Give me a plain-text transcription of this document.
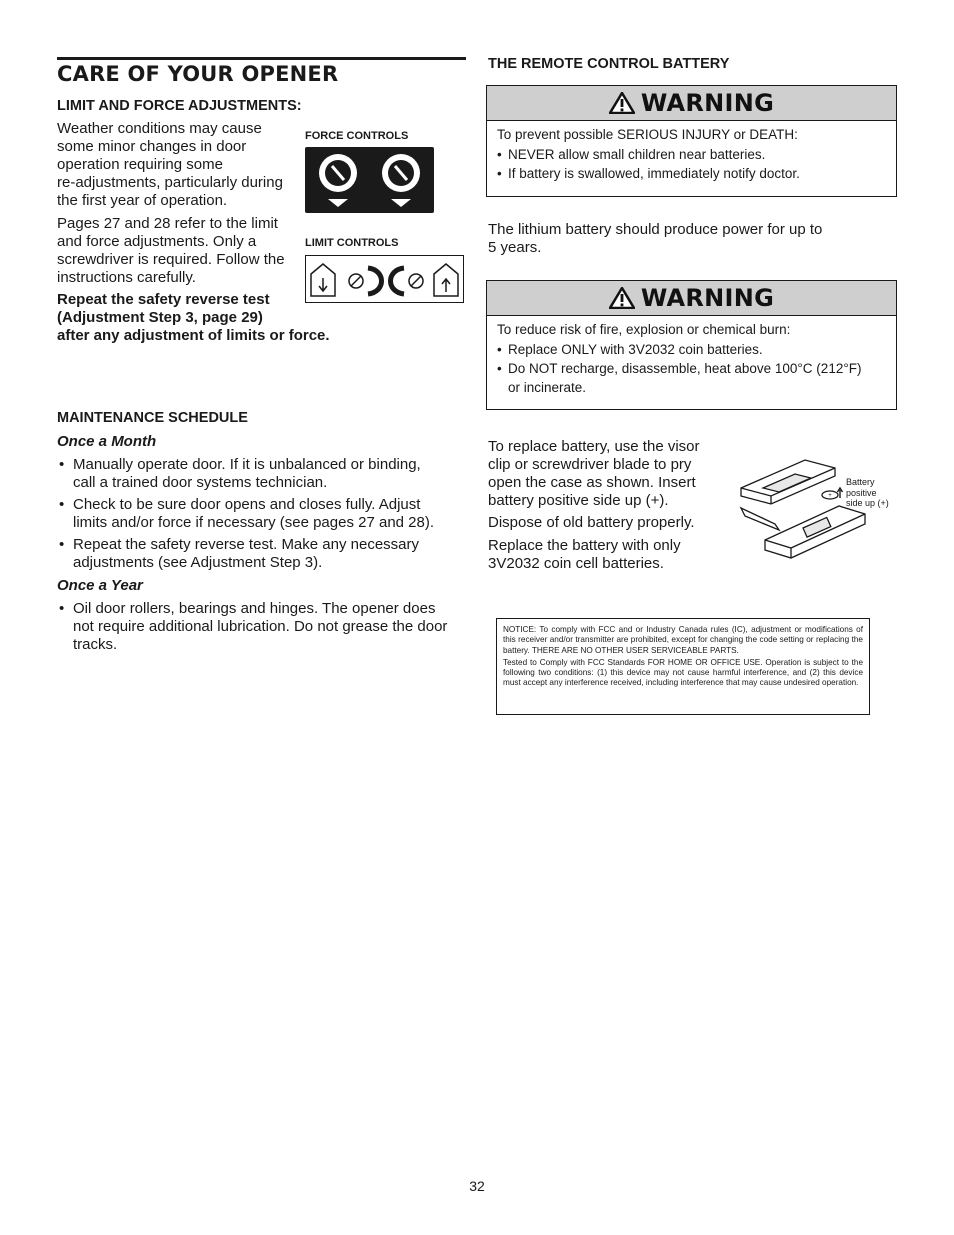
CARE OF YOUR OPENER
LIMIT AND FORCE ADJUSTMENTS:
Weather conditions may cause
some minor changes in door
operation requiring some
re-adjustments, particularly during
the first year of operation.
Pages 27 and 28 refer to the limit
and force adjustments. Only a
screwdriver is required. Follow the
instructions carefully.
Repeat the safety reverse test
(Adjustment Step 3, page 29)
after any adjustment of limits or force.
FORCE CONTROLS
LIMIT CONTROLS
MAINTENANCE SCHEDULE
Once a Month
• Manually operate door. If it is unbalanced or binding,
call a trained door systems technician.
• Check to be sure door opens and closes fully. Adjust
limits and/or force if necessary (see pages 27 and 28).
• Repeat the safety reverse test. Make any necessary
adjustments (see Adjustment Step 3).
Once a Year
• Oil door rollers, bearings and hinges. The opener does
not require additional lubrication. Do not grease the door
tracks.
THE REMOTE CONTROL BATTERY
WARNING

To prevent possible SERIOUS INJURY or DEATH:

• NEVER allow small children near batteries.
• If battery is swallowed, immediately notify doctor.
The lithium battery should produce power for up to
5 years.
WARNING

To reduce risk of fire, explosion or chemical burn:

• Replace ONLY with 3V2032 coin batteries.
• Do NOT recharge, disassemble, heat above 100°C (212°F)
or incinerate.
To replace battery, use the visor
clip or screwdriver blade to pry
open the case as shown. Insert
battery positive side up (+).
Dispose of old battery properly.
Replace the battery with only
3V2032 coin cell batteries.
+
Battery
positive
side up (+)

NOTICE: To comply with FCC and or Industry Canada rules (IC), adjustment or modifications of this receiver and/or transmitter are prohibited, except for changing the code setting or replacing the battery. THERE ARE NO OTHER USER SERVICEABLE PARTS.

Tested to Comply with FCC Standards FOR HOME OR OFFICE USE. Operation is subject to the following two conditions: (1) this device may not cause harmful interference, and (2) this device must accept any interference received, including interference that may cause undesired operation.

32
